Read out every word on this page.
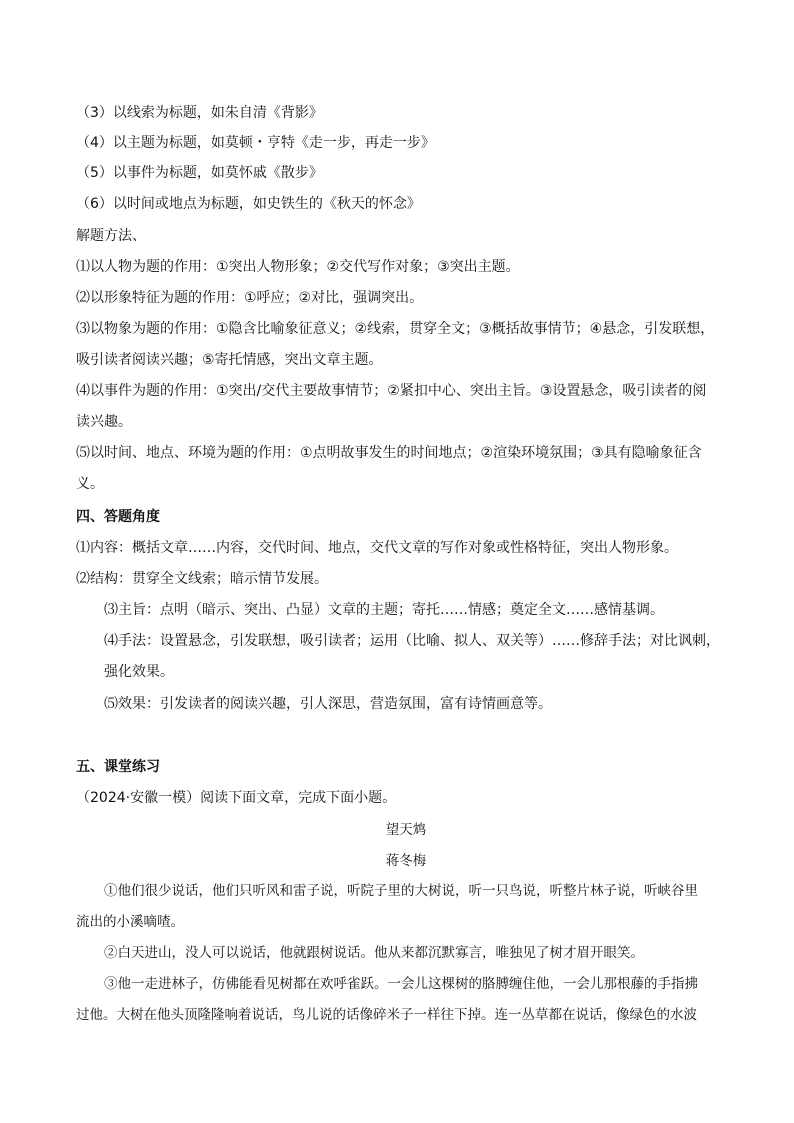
（3）以线索为标题，如朱自清《背影》
（4）以主题为标题，如莫顿・亨特《走一步，再走一步》
（5）以事件为标题，如莫怀戚《散步》
（6）以时间或地点为标题，如史铁生的《秋天的怀念》
解题方法、
⑴以人物为题的作用：①突出人物形象；②交代写作对象；③突出主题。
⑵以形象特征为题的作用：①呼应；②对比，强调突出。
⑶以物象为题的作用：①隐含比喻象征意义；②线索，贯穿全文；③概括故事情节；④悬念，引发联想，
吸引读者阅读兴趣；⑤寄托情感，突出文章主题。
⑷以事件为题的作用：①突出/交代主要故事情节；②紧扣中心、突出主旨。③设置悬念，吸引读者的阅
读兴趣。
⑸以时间、地点、环境为题的作用：①点明故事发生的时间地点；②渲染环境氛围；③具有隐喻象征含
义。
四、答题角度
⑴内容：概括文章……内容，交代时间、地点，交代文章的写作对象或性格特征，突出人物形象。
⑵结构：贯穿全文线索；暗示情节发展。
⑶主旨：点明（暗示、突出、凸显）文章的主题；寄托……情感；奠定全文……感情基调。
⑷手法：设置悬念，引发联想，吸引读者；运用（比喻、拟人、双关等）……修辞手法；对比讽刺，
强化效果。
⑸效果：引发读者的阅读兴趣，引人深思，营造氛围，富有诗情画意等。
五、课堂练习
（2024·安徽一模）阅读下面文章，完成下面小题。
望天鸩
蒋冬梅
①他们很少说话，他们只听风和雷子说，听院子里的大树说，听一只鸟说，听整片林子说，听峡谷里
流出的小溪嘀喳。
②白天进山，没人可以说话，他就跟树说话。他从来都沉默寡言，唯独见了树才眉开眼笑。
③他一走进林子，仿佛能看见树都在欢呼雀跃。一会儿这棵树的胳膊缠住他，一会儿那根藤的手指拂
过他。大树在他头顶隆隆响着说话，鸟儿说的话像碎米子一样往下掉。连一丛草都在说话，像绿色的水波
